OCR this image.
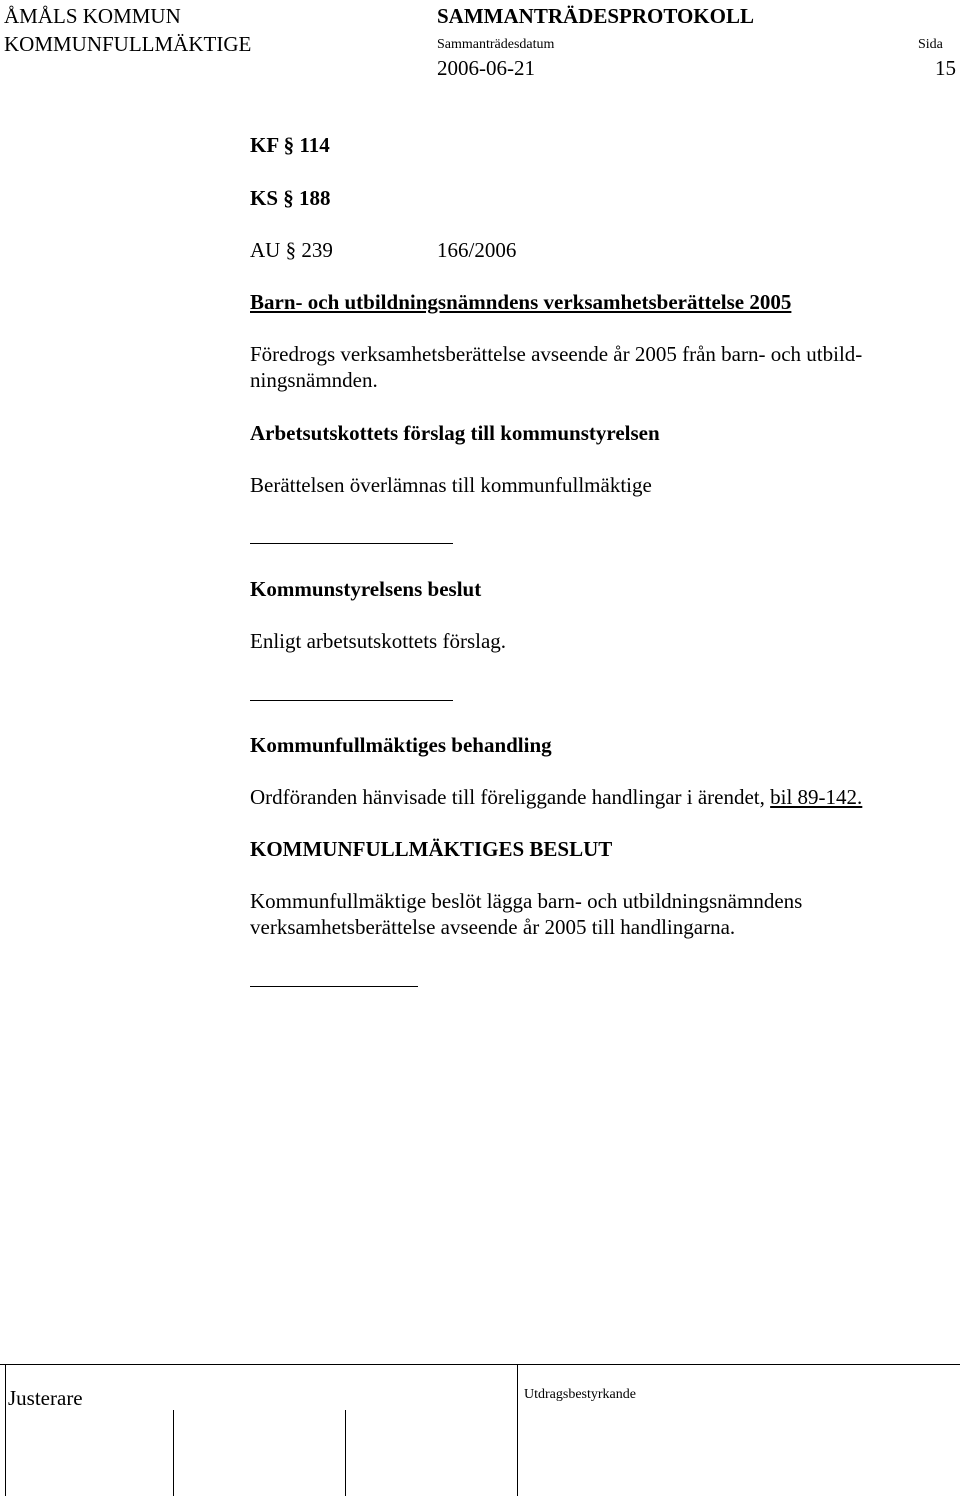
ÅMÅLS KOMMUN
KOMMUNFULLMÄKTIGE
SAMMANTRÄDESPROTOKOLL
Sammanträdesdatum
2006-06-21
Sida
15
KF § 114
KS § 188
AU § 239	166/2006
Barn- och utbildningsnämndens verksamhetsberättelse 2005
Föredrogs verksamhetsberättelse avseende år 2005 från barn- och utbild-
ningsnämnden.
Arbetsutskottets förslag till kommunstyrelsen
Berättelsen överlämnas till kommunfullmäktige
Kommunstyrelsens beslut
Enligt arbetsutskottets förslag.
Kommunfullmäktiges behandling
Ordföranden hänvisade till föreliggande handlingar i ärendet, bil 89-142.
KOMMUNFULLMÄKTIGES BESLUT
Kommunfullmäktige beslöt lägga barn- och utbildningsnämndens
verksamhetsberättelse avseende år 2005 till handlingarna.
Justerare	Utdragsbestyrkande
